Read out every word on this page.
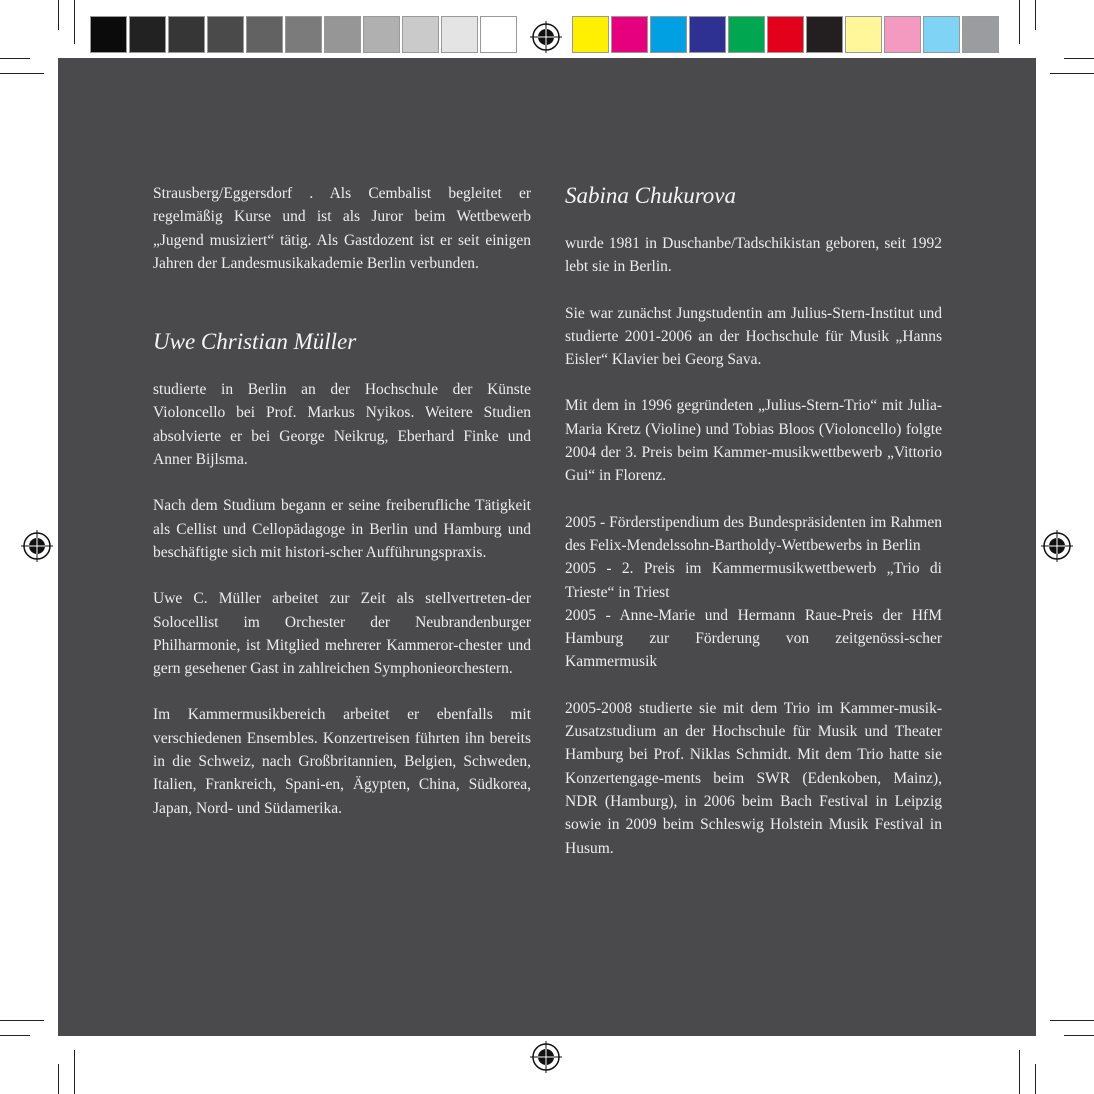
Strausberg/Eggersdorf . Als Cembalist begleitet er regelmäßig Kurse und ist als Juror beim Wettbewerb „Jugend musiziert“ tätig. Als Gastdozent ist er seit einigen Jahren der Landesmusikakademie Berlin verbunden.

Uwe Christian Müller

studierte in Berlin an der Hochschule der Künste Violoncello bei Prof. Markus Nyikos. Weitere Studien absolvierte er bei George Neikrug, Eberhard Finke und Anner Bijlsma.

Nach dem Studium begann er seine freiberufliche Tätigkeit als Cellist und Cellopädagoge in Berlin und Hamburg und beschäftigte sich mit histori-scher Aufführungspraxis.

Uwe C. Müller arbeitet zur Zeit als stellvertreten-der Solocellist im Orchester der Neubrandenburger Philharmonie, ist Mitglied mehrerer Kammeror-chester und gern gesehener Gast in zahlreichen Symphonieorchestern.

Im Kammermusikbereich arbeitet er ebenfalls mit verschiedenen Ensembles. Konzertreisen führten ihn bereits in die Schweiz, nach Großbritannien, Belgien, Schweden, Italien, Frankreich, Spani-en, Ägypten, China, Südkorea, Japan, Nord- und Südamerika.

Sabina Chukurova

wurde 1981 in Duschanbe/Tadschikistan geboren, seit 1992 lebt sie in Berlin.

Sie war zunächst Jungstudentin am Julius-Stern-Institut und studierte 2001-2006 an der Hochschule für Musik „Hanns Eisler“ Klavier bei Georg Sava.

Mit dem in 1996 gegründeten „Julius-Stern-Trio“ mit Julia-Maria Kretz (Violine) und Tobias Bloos (Violoncello) folgte 2004 der 3. Preis beim Kammer-musikwettbewerb „Vittorio Gui“ in Florenz.

2005 - Förderstipendium des Bundespräsidenten im Rahmen des Felix-Mendelssohn-Bartholdy-Wettbewerbs in Berlin

2005 - 2. Preis im Kammermusikwettbewerb „Trio di Trieste“ in Triest

2005 - Anne-Marie und Hermann Raue-Preis der HfM Hamburg zur Förderung von zeitgenössi-scher Kammermusik

2005-2008 studierte sie mit dem Trio im Kammer-musik-Zusatzstudium an der Hochschule für Musik und Theater Hamburg bei Prof. Niklas Schmidt. Mit dem Trio hatte sie Konzertengage-ments beim SWR (Edenkoben, Mainz), NDR (Hamburg), in 2006 beim Bach Festival in Leipzig sowie in 2009 beim Schleswig Holstein Musik Festival in Husum.
